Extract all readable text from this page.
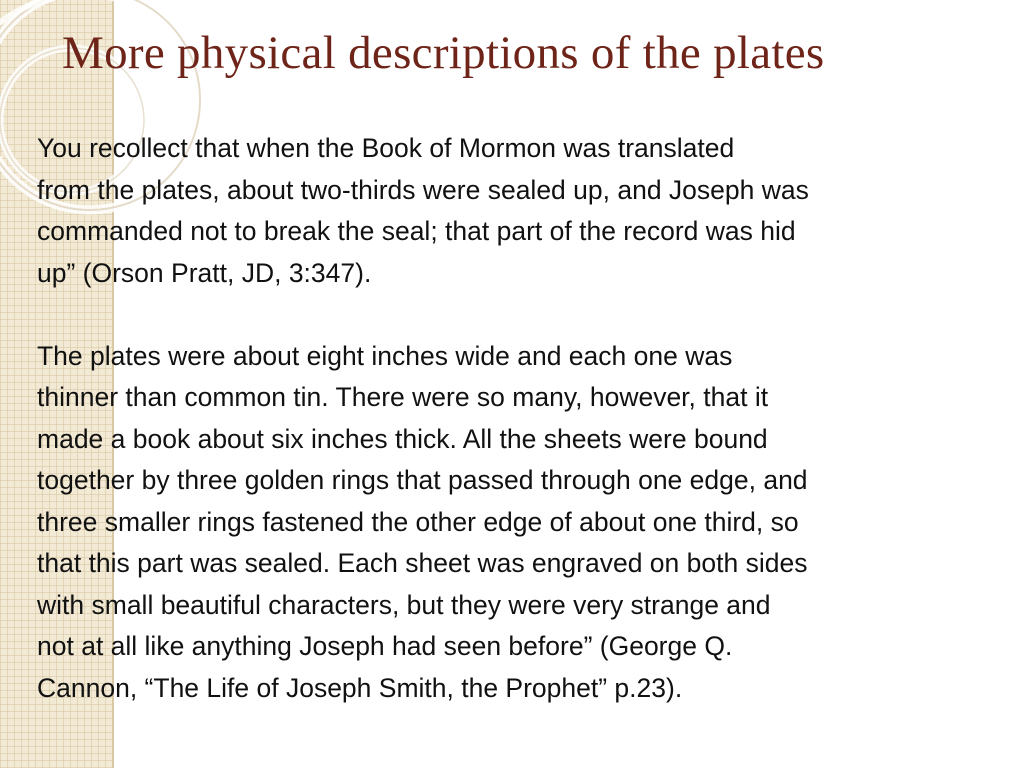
More physical descriptions of the plates

You recollect that when the Book of Mormon was translated
from the plates, about two-thirds were sealed up, and Joseph was
commanded not to break the seal; that part of the record was hid
up” (Orson Pratt, JD, 3:347).

The plates were about eight inches wide and each one was
thinner than common tin. There were so many, however, that it
made a book about six inches thick. All the sheets were bound
together by three golden rings that passed through one edge, and
three smaller rings fastened the other edge of about one third, so
that this part was sealed. Each sheet was engraved on both sides
with small beautiful characters, but they were very strange and
not at all like anything Joseph had seen before” (George Q.
Cannon, “The Life of Joseph Smith, the Prophet” p.23).
